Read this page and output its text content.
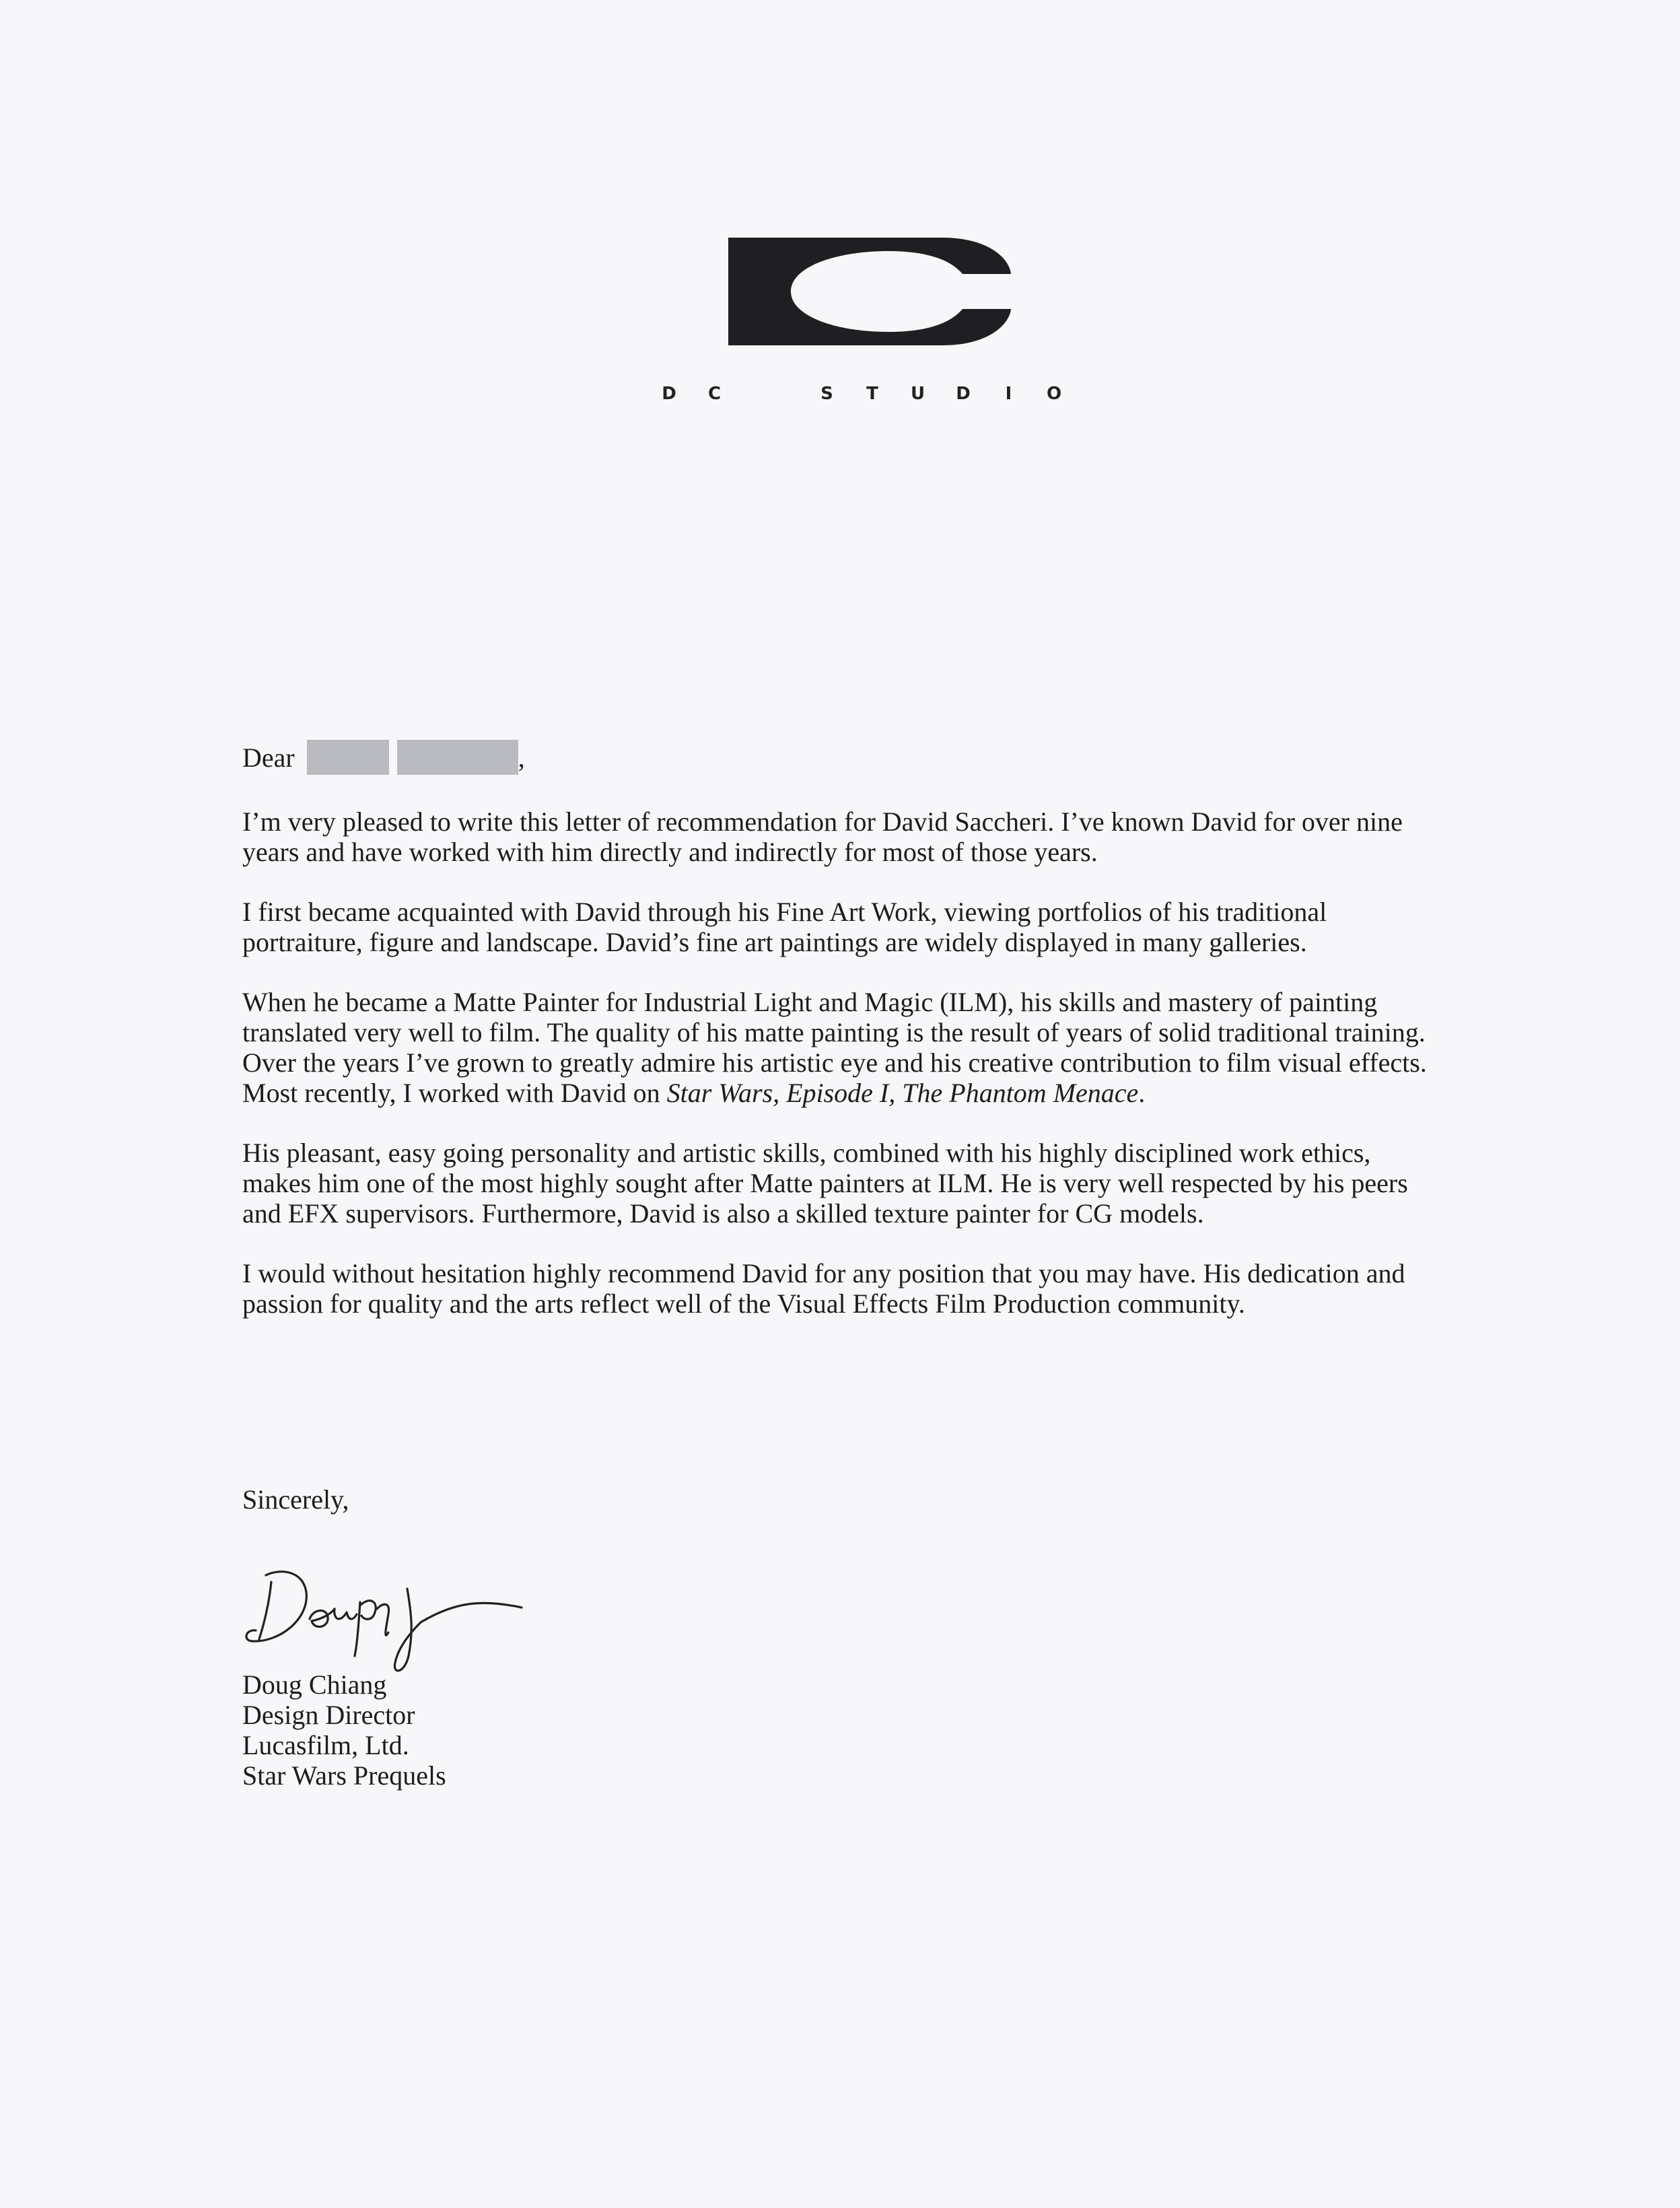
D C	S T U D	I	O
Dear	,

I’m very pleased to write this letter of recommendation for David Saccheri. I’ve known David for over nine years and have worked with him directly and indirectly for most of those years.

I first became acquainted with David through his Fine Art Work, viewing portfolios of his traditional portraiture, figure and landscape. David’s fine art paintings are widely displayed in many galleries.

When he became a Matte Painter for Industrial Light and Magic (ILM), his skills and mastery of painting translated very well to film. The quality of his matte painting is the result of years of solid traditional training. Over the years I’ve grown to greatly admire his artistic eye and his creative contribution to film visual effects. Most recently, I worked with David on Star Wars, Episode I, The Phantom Menace.

His pleasant, easy going personality and artistic skills, combined with his highly disciplined work ethics, makes him one of the most highly sought after Matte painters at ILM. He is very well respected by his peers and EFX supervisors. Furthermore, David is also a skilled texture painter for CG models.

I would without hesitation highly recommend David for any position that you may have. His dedication and passion for quality and the arts reflect well of the Visual Effects Film Production community.

Sincerely,
Doug Chiang
Design Director
Lucasfilm, Ltd.
Star Wars Prequels
